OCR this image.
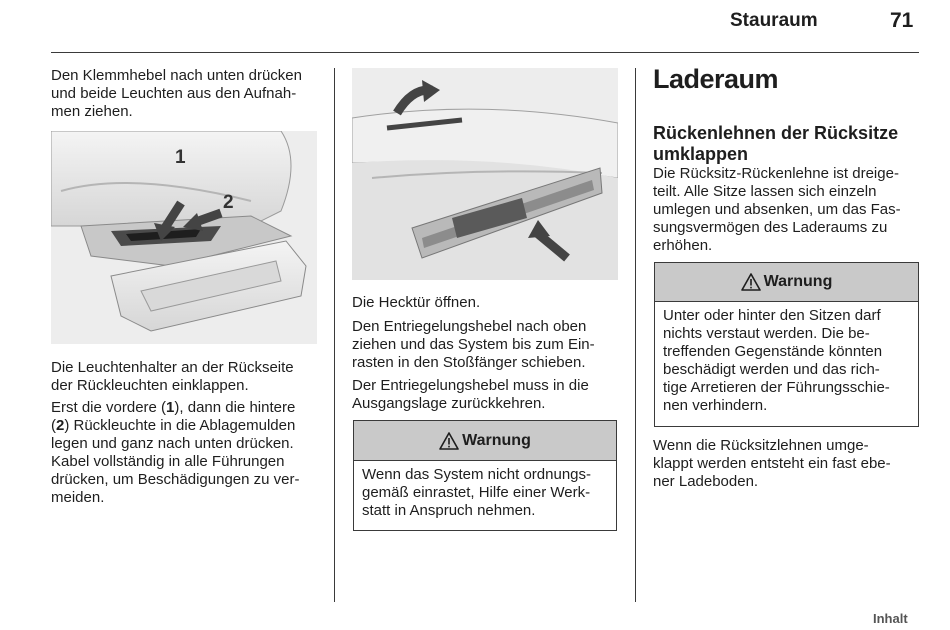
Stauraum	71
Den Klemmhebel nach unten drücken
und beide Leuchten aus den Aufnah-
men ziehen.
1
2
Die Leuchtenhalter an der Rückseite
der Rückleuchten einklappen.
Erst die vordere (1), dann die hintere
(2) Rückleuchte in die Ablagemulden
legen und ganz nach unten drücken.
Kabel vollständig in alle Führungen
drücken, um Beschädigungen zu ver-
meiden.
Die Hecktür öffnen.
Den Entriegelungshebel nach oben
ziehen und das System bis zum Ein-
rasten in den Stoßfänger schieben.
Der Entriegelungshebel muss in die
Ausgangslage zurückkehren.
Warnung
Wenn das System nicht ordnungs-
gemäß einrastet, Hilfe einer Werk-
statt in Anspruch nehmen.
Laderaum
Rückenlehnen der Rücksitze
umklappen
Die Rücksitz-Rückenlehne ist dreige-
teilt. Alle Sitze lassen sich einzeln
umlegen und absenken, um das Fas-
sungsvermögen des Laderaums zu
erhöhen.
Warnung
Unter oder hinter den Sitzen darf
nichts verstaut werden. Die be-
treffenden Gegenstände könnten
beschädigt werden und das rich-
tige Arretieren der Führungsschie-
nen verhindern.
Wenn die Rücksitzlehnen umge-
klappt werden entsteht ein fast ebe-
ner Ladeboden.
Inhalt
